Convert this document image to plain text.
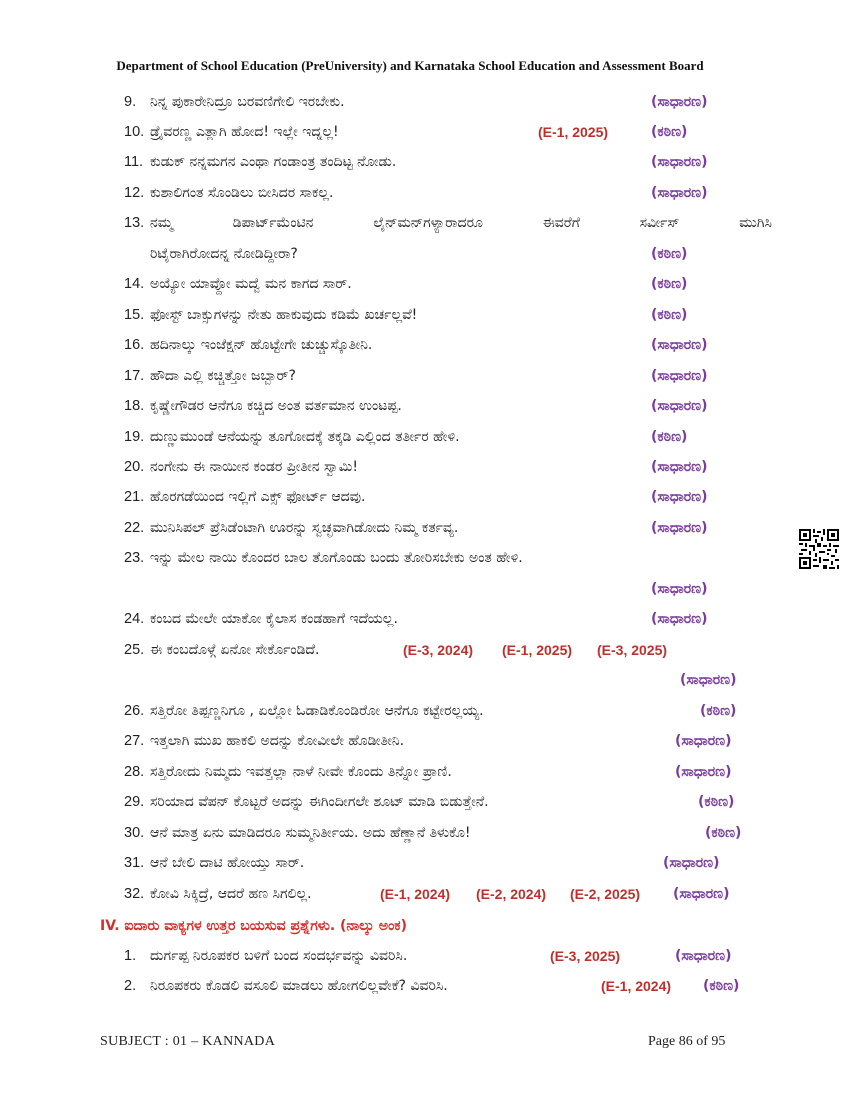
Department of School Education (PreUniversity) and Karnataka School Education and Assessment Board
9. ನಿನ್ನ ಪುಕಾರೇನಿದ್ರೂ ಬರವಣಿಗೇಲಿ ಇರಬೇಕು.	(ಸಾಧಾರಣ)
10. ಡ್ರೈವರಣ್ಣ ಎತ್ಲಾಗಿ ಹೋದ! ಇಲ್ಲೇ ಇದ್ನಲ್ಲ!	(E-1, 2025)	(ಕಠಿಣ)
11. ಕುಡುಕ್ ನನ್ನಮಗನ ಎಂಥಾ ಗಂಡಾಂತ್ರ ತಂದಿಟ್ಟ ನೋಡು.	(ಸಾಧಾರಣ)
12. ಕುಶಾಲಿಗಂತ ಸೊಂಡಿಲು ಬೀಸಿದರ ಸಾಕಲ್ಲ.	(ಸಾಧಾರಣ)
13. ನಮ್ಮ	ಡಿಪಾರ್ಟ್‌ಮೆಂಟಿನ	ಲೈನ್‌ಮನ್‌ಗಳ್ಯಾರಾದರೂ	ಈವರೆಗೆ	ಸರ್ವೀಸ್	ಮುಗಿಸಿ
ರಿಟೈರಾಗಿರೋದನ್ನ ನೋಡಿದ್ದೀರಾ?	(ಕಠಿಣ)
14. ಅಯ್ಯೋ ಯಾವ್ದೋ ಮದ್ವೆ ಮನ ಕಾಗದ ಸಾರ್.	(ಕಠಿಣ)
15. ಫೋಸ್ಟ್ ಬಾಕ್ಸುಗಳನ್ನು ನೇತು ಹಾಕುವುದು ಕಡಿಮೆ ಖರ್ಚಲ್ಲವೆ!	(ಕಠಿಣ)
16. ಹದಿನಾಲ್ಕು ಇಂಜೆಕ್ಷನ್ ಹೊಟ್ಟೇಗೇ ಚುಚ್ಚುಸ್ಕೊತೀನಿ.	(ಸಾಧಾರಣ)
17. ಹೌದಾ ಎಲ್ಲಿ ಕಚ್ಚಿತ್ತೋ ಜಬ್ಬಾರ್?	(ಸಾಧಾರಣ)
18. ಕೃಷ್ಣೇಗೌಡರ ಆನೆಗೂ ಕಚ್ಚಿದ ಅಂತ ವರ್ತಮಾನ ಉಂಟಪ್ಪ.	(ಸಾಧಾರಣ)
19. ದುಣ್ಣುಮುಂಡೆ ಆನೆಯನ್ನು ತೂಗೋದಕ್ಕೆ ತಕ್ಕಡಿ ಎಲ್ಲಿಂದ ತರ್ತೀರ ಹೇಳಿ.	(ಕಠಿಣ)
20. ನಂಗೇನು ಈ ನಾಯೀನ ಕಂಡರ ಪ್ರೀತೀನ ಸ್ವಾಮಿ!	(ಸಾಧಾರಣ)
21. ಹೊರಗಡೆಯಿಂದ ಇಲ್ಲಿಗೆ ಎಕ್ಸ್ ಫೋರ್ಟ್ ಆದವು.	(ಸಾಧಾರಣ)
22. ಮುನಿಸಿಪಲ್ ಪ್ರೆಸಿಡೆಂಟಾಗಿ ಊರನ್ನು ಸ್ವಚ್ಛವಾಗಿಡೋದು ನಿಮ್ಮ ಕರ್ತವ್ಯ.	(ಸಾಧಾರಣ)
23. ಇನ್ನು ಮೇಲ ನಾಯಿ ಕೊಂದರ ಬಾಲ ತೊಗೊಂಡು ಬಂದು ತೋರಿಸಬೇಕು ಅಂತ ಹೇಳಿ.
(ಸಾಧಾರಣ)
24. ಕಂಬದ ಮೇಲೇ ಯಾಕೋ ಕೈಲಾಸ ಕಂಡಹಾಗೆ ಇದೆಯಲ್ಲ.	(ಸಾಧಾರಣ)
25. ಈ ಕಂಬದೊಳ್ಗೆ ಏನೋ ಸೇರ್ಕೊಂಡಿದೆ.	(E-3, 2024) (E-1, 2025) (E-3, 2025)
(ಸಾಧಾರಣ)
26. ಸತ್ತಿರೋ ತಿಪ್ಪಣ್ಣನಿಗೂ , ಏಲ್ಲೋ ಓಡಾಡಿಕೊಂಡಿರೋ ಆನೆಗೂ ಕಟ್ಟೇರಲ್ಲಯ್ಯ.	(ಕಠಿಣ)
27. ಇತ್ತಲಾಗಿ ಮುಖ ಹಾಕಲಿ ಅದನ್ನು ಕೋವೀಲೇ ಹೊಡೀತೀನಿ.	(ಸಾಧಾರಣ)
28. ಸತ್ತಿರೋದು ನಿಮ್ಮದು ಇವತ್ತಲ್ಲಾ ನಾಳೆ ನೀವೇ ಕೊಂದು ತಿನ್ನೋ ಪ್ರಾಣಿ.	(ಸಾಧಾರಣ)
29. ಸರಿಯಾದ ವೆಪನ್ ಕೊಟ್ಟರೆ ಅದನ್ನು ಈಗಿಂದೀಗಲೇ ಶೂಟ್ ಮಾಡಿ ಬಿಡುತ್ತೇನೆ.	(ಕಠಿಣ)
30. ಆನೆ ಮಾತ್ರ ಏನು ಮಾಡಿದರೂ ಸುಮ್ಮನಿರ್ತೀಯ. ಅದು ಹೆಣ್ಣಾನೆ ತಿಳುಕೊ!	(ಕಠಿಣ)
31. ಆನೆ ಬೇಲಿ ದಾಟಿ ಹೋಯ್ತು ಸಾರ್.	(ಸಾಧಾರಣ)
32. ಕೋವಿ ಸಿಕ್ಕಿದ್ರೆ, ಆದರೆ ಹಣ ಸಿಗಲಿಲ್ಲ.	(E-1, 2024) (E-2, 2024) (E-2, 2025) (ಸಾಧಾರಣ)
IV. ಐದಾರು ವಾಕ್ಯಗಳ ಉತ್ತರ ಬಯಸುವ ಪ್ರಶ್ನೆಗಳು. (ನಾಲ್ಕು ಅಂಕ)
1. ದುರ್ಗಪ್ಪ ನಿರೂಪಕರ ಬಳಿಗೆ ಬಂದ ಸಂದರ್ಭವನ್ನು ವಿವರಿಸಿ.	(E-3, 2025)	(ಸಾಧಾರಣ)
2. ನಿರೂಪಕರು ಕೊಡಲಿ ವಸೂಲಿ ಮಾಡಲು ಹೋಗಲಿಲ್ಲವೇಕೆ? ವಿವರಿಸಿ.	(E-1, 2024) (ಕಠಿಣ)
SUBJECT : 01 – KANNADA	Page 86 of 95
